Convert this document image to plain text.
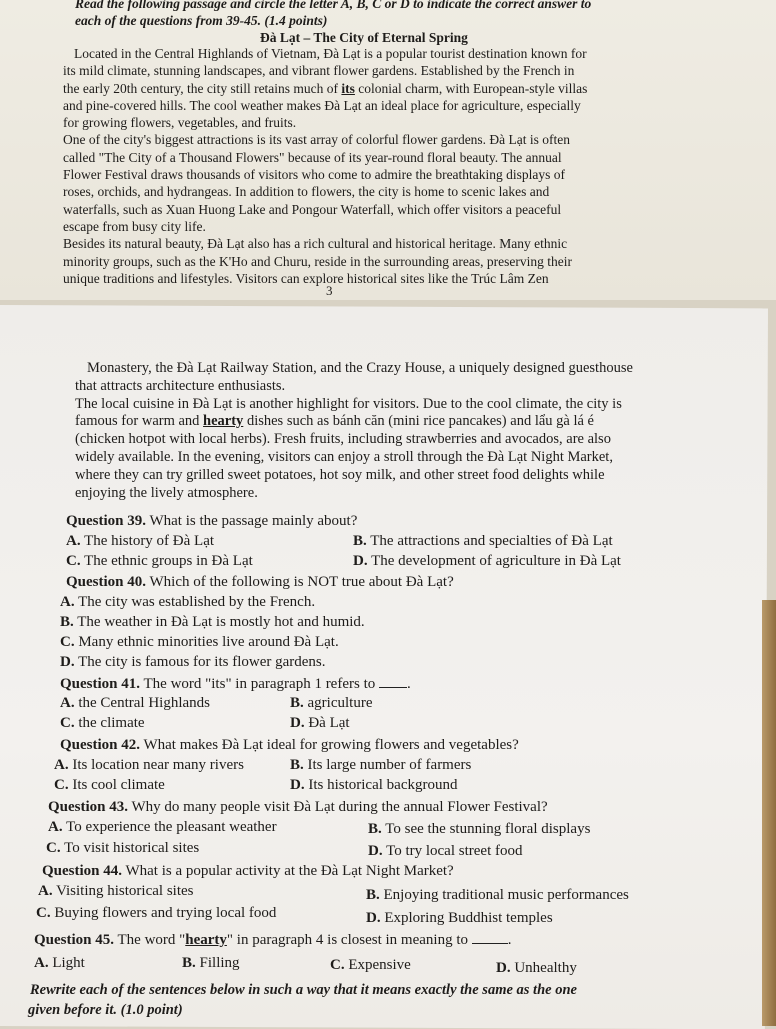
Read the following passage and circle the letter A, B, C or D to indicate the correct answer to
each of the questions from 39-45. (1.4 points)
Đà Lạt – The City of Eternal Spring
Located in the Central Highlands of Vietnam, Đà Lạt is a popular tourist destination known for
its mild climate, stunning landscapes, and vibrant flower gardens. Established by the French in
the early 20th century, the city still retains much of its colonial charm, with European-style villas
and pine-covered hills. The cool weather makes Đà Lạt an ideal place for agriculture, especially
for growing flowers, vegetables, and fruits.
One of the city's biggest attractions is its vast array of colorful flower gardens. Đà Lạt is often
called "The City of a Thousand Flowers" because of its year-round floral beauty. The annual
Flower Festival draws thousands of visitors who come to admire the breathtaking displays of
roses, orchids, and hydrangeas. In addition to flowers, the city is home to scenic lakes and
waterfalls, such as Xuan Huong Lake and Pongour Waterfall, which offer visitors a peaceful
escape from busy city life.
Besides its natural beauty, Đà Lạt also has a rich cultural and historical heritage. Many ethnic
minority groups, such as the K'Ho and Churu, reside in the surrounding areas, preserving their
unique traditions and lifestyles. Visitors can explore historical sites like the Trúc Lâm Zen
3
Monastery, the Đà Lạt Railway Station, and the Crazy House, a uniquely designed guesthouse
that attracts architecture enthusiasts.
The local cuisine in Đà Lạt is another highlight for visitors. Due to the cool climate, the city is
famous for warm and hearty dishes such as bánh căn (mini rice pancakes) and lẩu gà lá é
(chicken hotpot with local herbs). Fresh fruits, including strawberries and avocados, are also
widely available. In the evening, visitors can enjoy a stroll through the Đà Lạt Night Market,
where they can try grilled sweet potatoes, hot soy milk, and other street food delights while
enjoying the lively atmosphere.
Question 39. What is the passage mainly about?
A. The history of Đà Lạt	B. The attractions and specialties of Đà Lạt
C. The ethnic groups in Đà Lạt	D. The development of agriculture in Đà Lạt
Question 40. Which of the following is NOT true about Đà Lạt?
A. The city was established by the French.
B. The weather in Đà Lạt is mostly hot and humid.
C. Many ethnic minorities live around Đà Lạt.
D. The city is famous for its flower gardens.
Question 41. The word "its" in paragraph 1 refers to .
A. the Central Highlands	B. agriculture
C. the climate	D. Đà Lạt
Question 42. What makes Đà Lạt ideal for growing flowers and vegetables?
A. Its location near many rivers	B. Its large number of farmers
C. Its cool climate	D. Its historical background
Question 43. Why do many people visit Đà Lạt during the annual Flower Festival?
A. To experience the pleasant weather	B. To see the stunning floral displays
C. To visit historical sites	D. To try local street food
Question 44. What is a popular activity at the Đà Lạt Night Market?
A. Visiting historical sites	B. Enjoying traditional music performances
C. Buying flowers and trying local food	D. Exploring Buddhist temples
Question 45. The word "hearty" in paragraph 4 is closest in meaning to	.
A. Light	B. Filling	C. Expensive	D. Unhealthy
Rewrite each of the sentences below in such a way that it means exactly the same as the one
given before it. (1.0 point)
